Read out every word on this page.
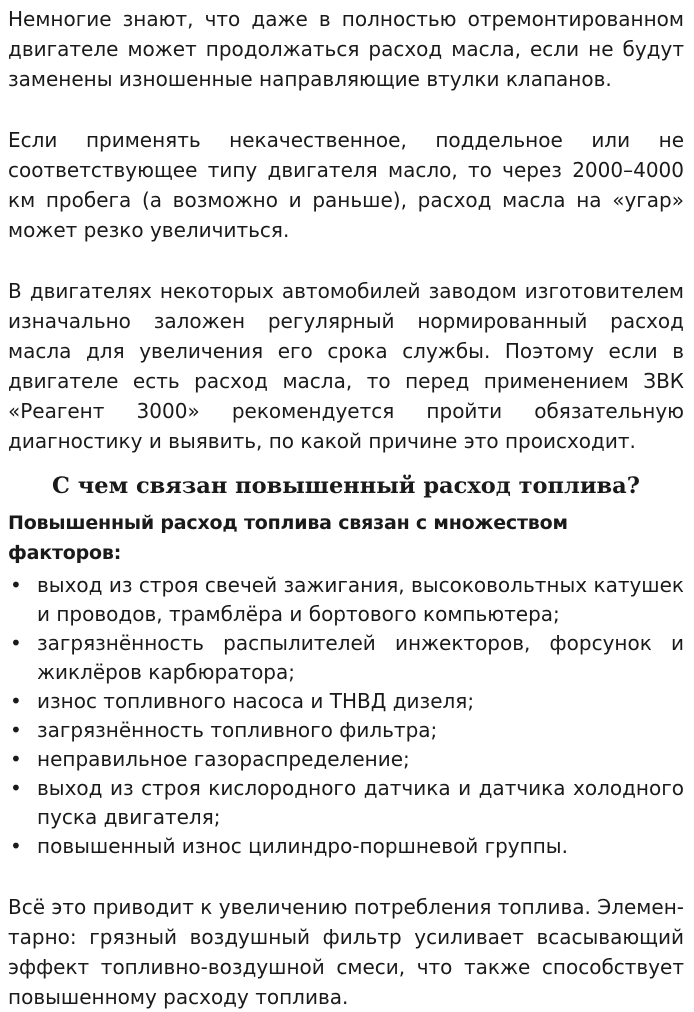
Немногие знают, что даже в полностью отремонтированном двигателе может продолжаться расход масла, если не будут заменены изношенные направляющие втулки клапанов.

Если применять некачественное, поддельное или не соответствующее типу двигателя масло, то через 2000–4000 км пробега (а возможно и раньше), расход масла на «угар» может резко увеличиться.

В двигателях некоторых автомобилей заводом изготовителем изначально заложен регулярный нормированный расход масла для увеличения его срока службы. Поэтому если в двигателе есть расход масла, то перед применением ЗВК «Реагент 3000» рекомендуется пройти обязательную диагностику и выявить, по какой причине это происходит.

С чем связан повышенный расход топлива?
Повышенный расход топлива связан с множеством факторов:
• выход из строя свечей зажигания, высоковольтных катушек и проводов, трамблёра и бортового компьютера;
• загрязнённость распылителей инжекторов, форсунок и жиклёров карбюратора;
• износ топливного насоса и ТНВД дизеля;
• загрязнённость топливного фильтра;
• неправильное газораспределение;
• выход из строя кислородного датчика и датчика холодного пуска двигателя;
• повышенный износ цилиндро-поршневой группы.

Всё это приводит к увеличению потребления топлива. Элементарно: грязный воздушный фильтр усиливает всасывающий эффект топливно-воздушной смеси, что также способствует повышенному расходу топлива.
